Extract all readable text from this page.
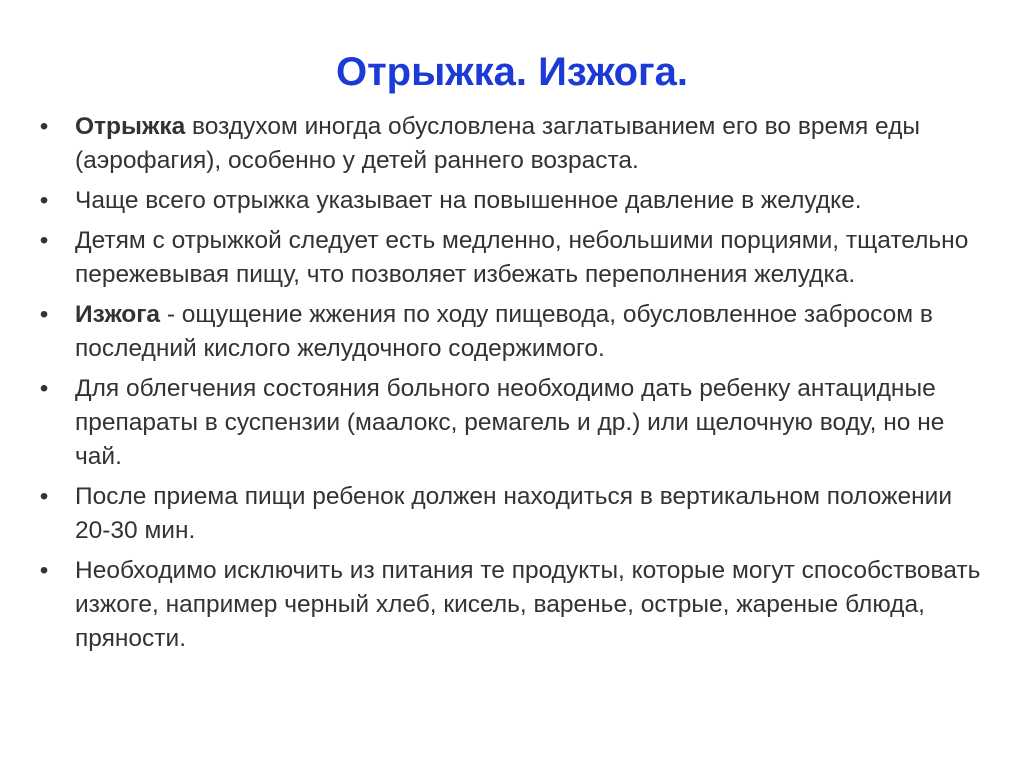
Отрыжка. Изжога.
• Отрыжка воздухом иногда обусловлена заглатыванием его во время еды (аэрофагия), особенно у детей раннего возраста.
• Чаще всего отрыжка указывает на повышенное давление в желудке.
• Детям с отрыжкой следует есть медленно, небольшими порциями, тщательно пережевывая пищу, что позволяет избежать переполнения желудка.
• Изжога - ощущение жжения по ходу пищевода, обусловленное забросом в последний кислого желудочного содержимого.
• Для облегчения состояния больного необходимо дать ребенку антацидные препараты в суспензии (маалокс, ремагель и др.) или щелочную воду, но не чай.
• После приема пищи ребенок должен находиться в вертикальном положении 20-30 мин.
• Необходимо исключить из питания те продукты, которые могут способствовать изжоге, например черный хлеб, кисель, варенье, острые, жареные блюда, пряности.
